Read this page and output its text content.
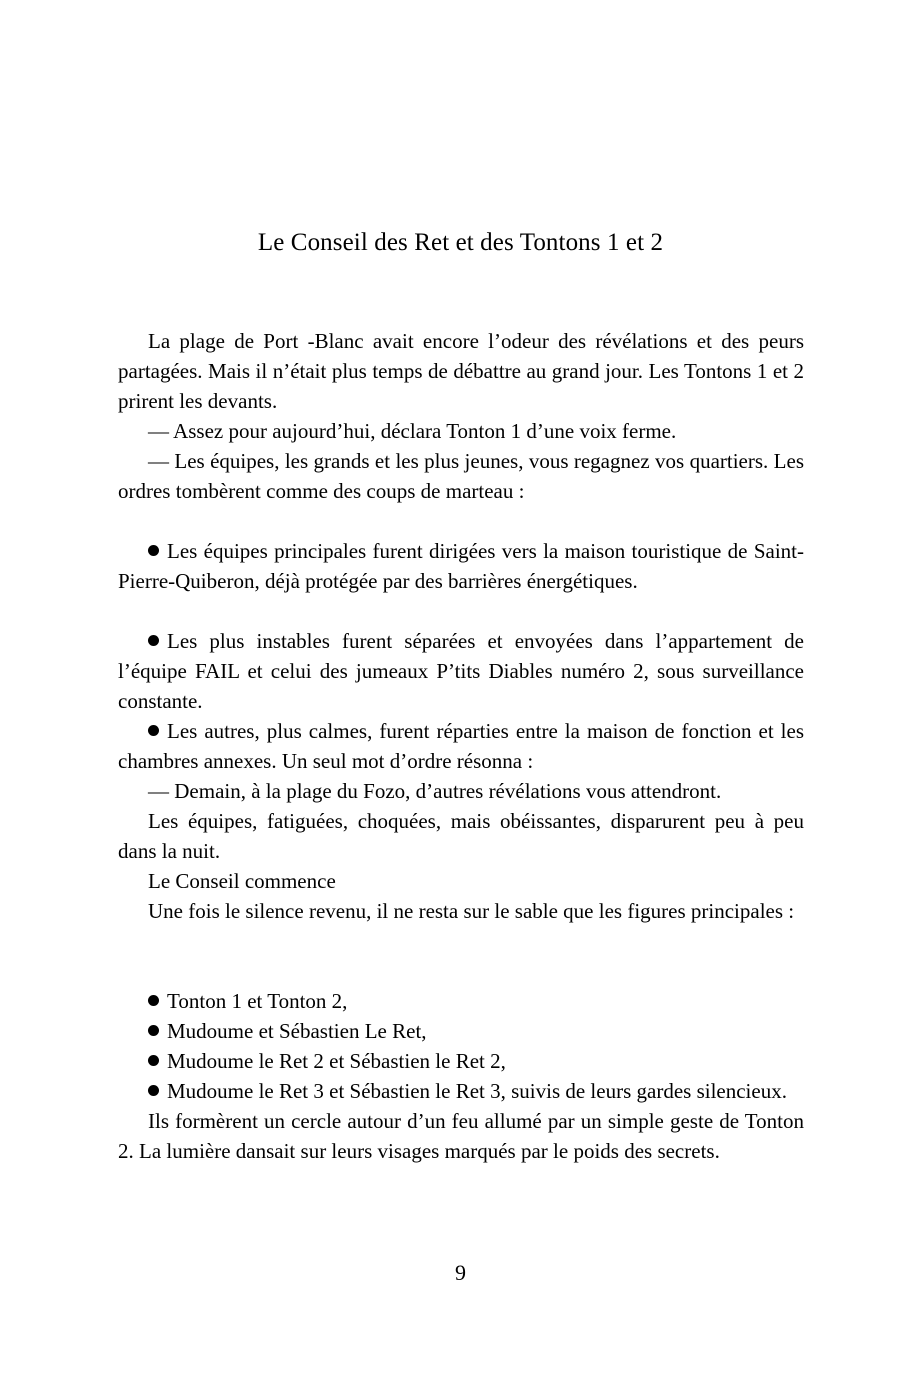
Le Conseil des Ret et des Tontons 1 et 2

La plage de Port -Blanc avait encore l’odeur des révélations et des peurs partagées. Mais il n’était plus temps de débattre au grand jour. Les Tontons 1 et 2 prirent les devants.

— Assez pour aujourd’hui, déclara Tonton 1 d’une voix ferme.

— Les équipes, les grands et les plus jeunes, vous regagnez vos quartiers. Les ordres tombèrent comme des coups de marteau :

Les équipes principales furent dirigées vers la maison touristique de Saint-Pierre-Quiberon, déjà protégée par des barrières énergétiques.

Les plus instables furent séparées et envoyées dans l’appartement de l’équipe FAIL et celui des jumeaux P’tits Diables numéro 2, sous surveillance constante.

Les autres, plus calmes, furent réparties entre la maison de fonction et les chambres annexes. Un seul mot d’ordre résonna :

— Demain, à la plage du Fozo, d’autres révélations vous attendront.

Les équipes, fatiguées, choquées, mais obéissantes, disparurent peu à peu dans la nuit.

Le Conseil commence

Une fois le silence revenu, il ne resta sur le sable que les figures principales :

Tonton 1 et Tonton 2,

Mudoume et Sébastien Le Ret,

Mudoume le Ret 2 et Sébastien le Ret 2,

Mudoume le Ret 3 et Sébastien le Ret 3, suivis de leurs gardes silencieux.

Ils formèrent un cercle autour d’un feu allumé par un simple geste de Tonton 2. La lumière dansait sur leurs visages marqués par le poids des secrets.

9
